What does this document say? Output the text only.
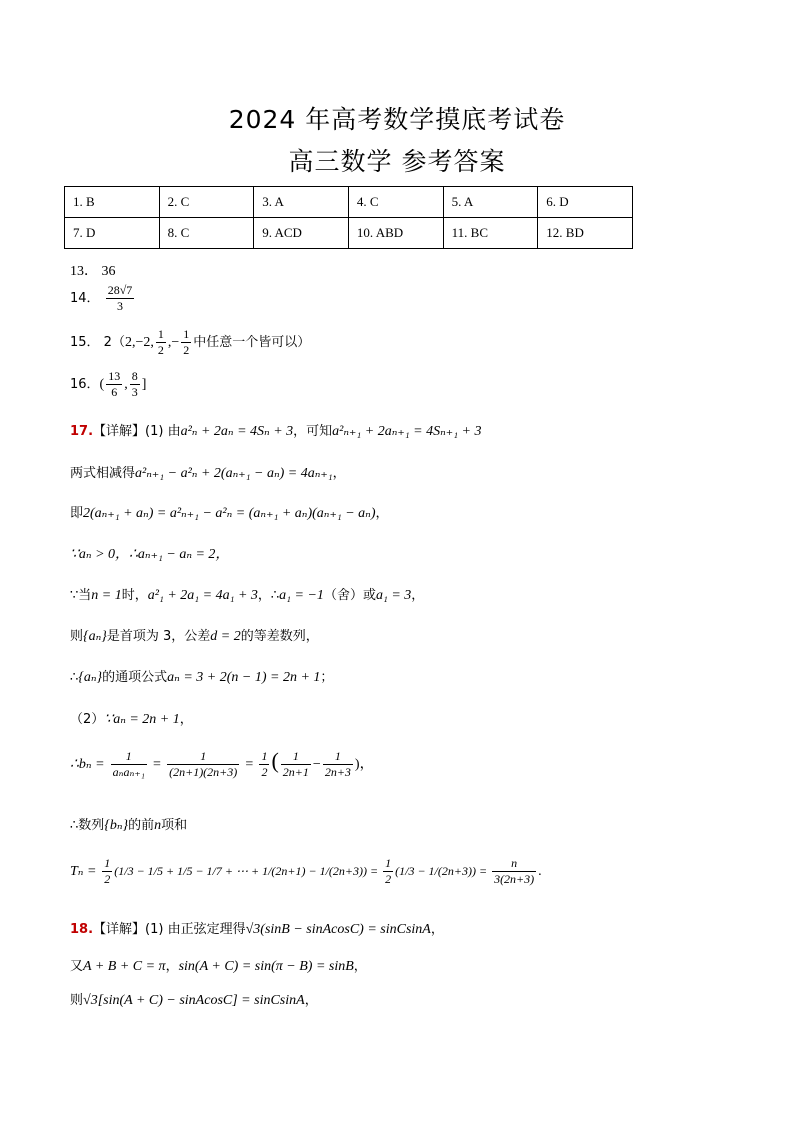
2024 年高考数学摸底考试卷
高三数学 参考答案
1. B	2. C	3. A	4. C	5. A	6. D
7. D	8. C	9. ACD	10. ABD	11. BC	12. BD
13． 36
14． $\frac{28√7}{3}$
15． 2（2,−2, $\frac{1}{2}$ ,− $\frac{1}{2}$ 中任意一个皆可以）
16．( $\frac{13}{6}$ , $\frac{8}{3}$ ]
17.【详解】(1) 由a²ₙ + 2aₙ = 4Sₙ + 3，可知a²ₙ₊₁ + 2aₙ₊₁ = 4Sₙ₊₁ + 3
两式相减得a²ₙ₊₁ − a²ₙ + 2(aₙ₊₁ − aₙ) = 4aₙ₊₁，
即2(aₙ₊₁ + aₙ) = a²ₙ₊₁ − a²ₙ = (aₙ₊₁ + aₙ)(aₙ₊₁ − aₙ)，
∵aₙ > 0，∴aₙ₊₁ − aₙ = 2，
∵当n = 1时，a²₁ + 2a₁ = 4a₁ + 3，∴a₁ = −1（舍）或a₁ = 3，
则{aₙ}是首项为 3，公差d = 2的等差数列，
∴{aₙ}的通项公式aₙ = 3 + 2(n − 1) = 2n + 1；
（2）∵aₙ = 2n + 1，
∴bₙ = $\frac{1}{\text{aₙaₙ₊₁}} = \frac{1}{(2n+1)(2n+3)} = \frac{1}{2}$ ( $\frac{1}{2n+1} - \frac{1}{2n+3}$ )，
∴数列{bₙ}的前n项和
$T_n = \frac{1}{2} (1/3 - 1/5 + 1/5 - 1/7$ + ⋯ + $1/(2n+1) - 1/(2n+3)) = \frac{1}{2} (1/3 - 1/(2n+3)) = \frac{n}{3(2n+3)}$ .
18.【详解】(1) 由正弦定理得√3(sinB − sinAcosC) = sinCsinA，
又A + B + C = π，sin(A + C) = sin(π − B) = sinB，
则√3[sin(A + C) − sinAcosC] = sinCsinA，
